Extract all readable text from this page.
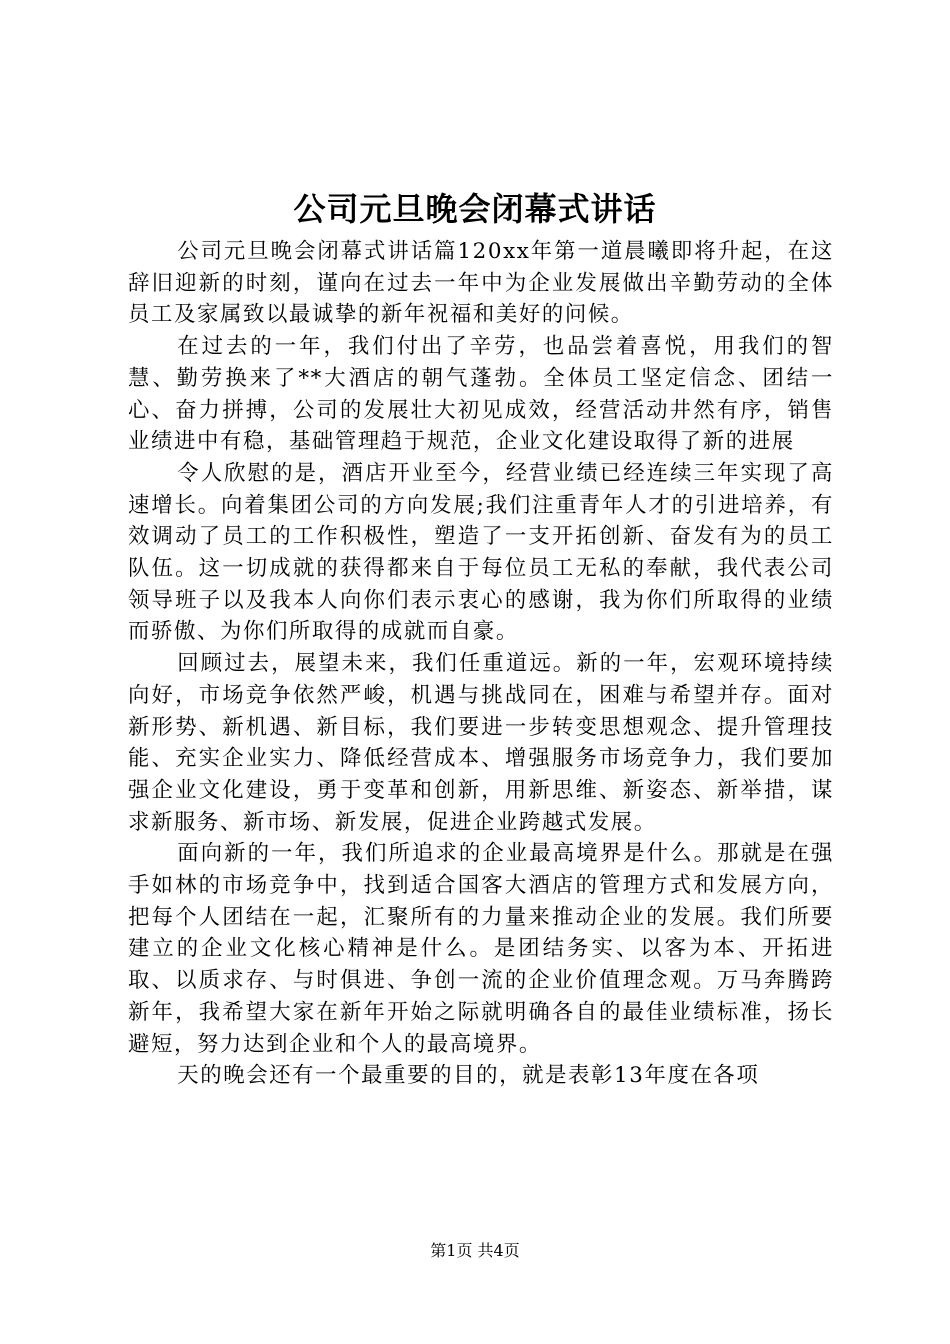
公司元旦晚会闭幕式讲话

公司元旦晚会闭幕式讲话篇120xx年第一道晨曦即将升起，在这辞旧迎新的时刻，谨向在过去一年中为企业发展做出辛勤劳动的全体员工及家属致以最诚挚的新年祝福和美好的问候。

在过去的一年，我们付出了辛劳，也品尝着喜悦，用我们的智慧、勤劳换来了**大酒店的朝气蓬勃。全体员工坚定信念、团结一心、奋力拼搏，公司的发展壮大初见成效，经营活动井然有序，销售业绩进中有稳，基础管理趋于规范，企业文化建设取得了新的进展

令人欣慰的是，酒店开业至今，经营业绩已经连续三年实现了高速增长。向着集团公司的方向发展;我们注重青年人才的引进培养，有效调动了员工的工作积极性，塑造了一支开拓创新、奋发有为的员工队伍。这一切成就的获得都来自于每位员工无私的奉献，我代表公司领导班子以及我本人向你们表示衷心的感谢，我为你们所取得的业绩而骄傲、为你们所取得的成就而自豪。

回顾过去，展望未来，我们任重道远。新的一年，宏观环境持续向好，市场竞争依然严峻，机遇与挑战同在，困难与希望并存。面对新形势、新机遇、新目标，我们要进一步转变思想观念、提升管理技能、充实企业实力、降低经营成本、增强服务市场竞争力，我们要加强企业文化建设，勇于变革和创新，用新思维、新姿态、新举措，谋求新服务、新市场、新发展，促进企业跨越式发展。

面向新的一年，我们所追求的企业最高境界是什么。那就是在强手如林的市场竞争中，找到适合国客大酒店的管理方式和发展方向，把每个人团结在一起，汇聚所有的力量来推动企业的发展。我们所要建立的企业文化核心精神是什么。是团结务实、以客为本、开拓进取、以质求存、与时俱进、争创一流的企业价值理念观。万马奔腾跨新年，我希望大家在新年开始之际就明确各自的最佳业绩标准，扬长避短，努力达到企业和个人的最高境界。

天的晚会还有一个最重要的目的，就是表彰13年度在各项

第1页 共4页
